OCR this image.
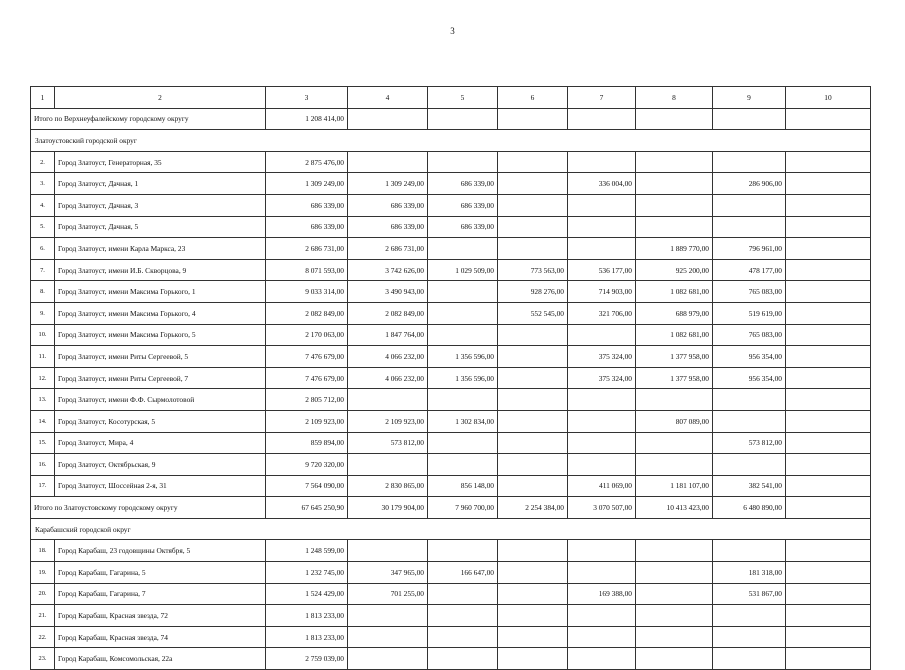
3
1	2	3	4	5	6	7	8	9	10
Итого по Верхнеуфалейскому городскому округу		1 208 414,00							
Златоустовский городской округ									
2.	Город Златоуст, Генераторная, 35	2 875 476,00							
3.	Город Златоуст, Дачная, 1	1 309 249,00	1 309 249,00	686 339,00		336 004,00		286 906,00	
4.	Город Златоуст, Дачная, 3	686 339,00	686 339,00	686 339,00					
5.	Город Златоуст, Дачная, 5	686 339,00	686 339,00	686 339,00					
6.	Город Златоуст, имени Карла Маркса, 23	2 686 731,00	2 686 731,00				1 889 770,00	796 961,00	
7.	Город Златоуст, имени И.Б. Скворцова, 9	8 071 593,00	3 742 626,00	1 029 509,00	773 563,00	536 177,00	925 200,00	478 177,00	
8.	Город Златоуст, имени Максима Горького, 1	9 033 314,00	3 490 943,00		928 276,00	714 903,00	1 082 681,00	765 083,00	
9.	Город Златоуст, имени Максима Горького, 4	2 082 849,00	2 082 849,00		552 545,00	321 706,00	688 979,00	519 619,00	
10.	Город Златоуст, имени Максима Горького, 5	2 170 063,00	1 847 764,00				1 082 681,00	765 083,00	
11.	Город Златоуст, имени Риты Сергеевой, 5	7 476 679,00	4 066 232,00	1 356 596,00		375 324,00	1 377 958,00	956 354,00	
12.	Город Златоуст, имени Риты Сергеевой, 7	7 476 679,00	4 066 232,00	1 356 596,00		375 324,00	1 377 958,00	956 354,00	
13.	Город Златоуст, имени Ф.Ф. Сырмолотовой	2 805 712,00							
14.	Город Златоуст, Косотурская, 5	2 109 923,00	2 109 923,00	1 302 834,00			807 089,00		
15.	Город Златоуст, Мира, 4	859 894,00	573 812,00					573 812,00	
16.	Город Златоуст, Октябрьская, 9	9 720 320,00							
17.	Город Златоуст, Шоссейная 2-я, 31	7 564 090,00	2 830 865,00	856 148,00		411 069,00	1 181 107,00	382 541,00	
Итого по Златоустовскому городскому округу		67 645 250,90	30 179 904,00	7 960 700,00	2 254 384,00	3 070 507,00	10 413 423,00	6 480 890,00	
Карабашский городской округ									
18.	Город Карабаш, 23 годовщины Октября, 5	1 248 599,00							
19.	Город Карабаш, Гагарина, 5	1 232 745,00	347 965,00	166 647,00				181 318,00	
20.	Город Карабаш, Гагарина, 7	1 524 429,00	701 255,00			169 388,00		531 867,00	
21.	Город Карабаш, Красная звезда, 72	1 813 233,00							
22.	Город Карабаш, Красная звезда, 74	1 813 233,00							
23.	Город Карабаш, Комсомольская, 22а	2 759 039,00							
